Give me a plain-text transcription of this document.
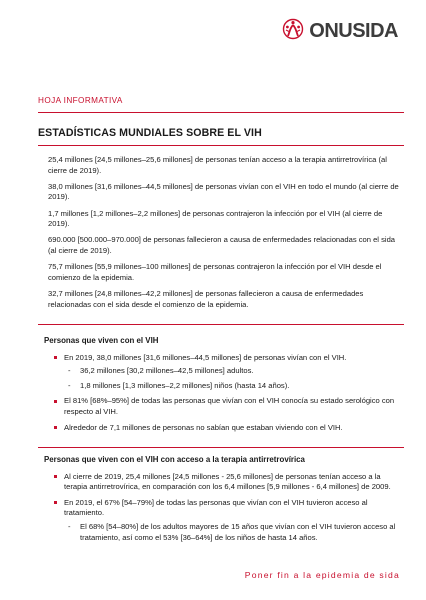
ONUSIDA
HOJA INFORMATIVA
ESTADÍSTICAS MUNDIALES SOBRE EL VIH

25,4 millones [24,5 millones–25,6 millones] de personas tenían acceso a la terapia antirretrovírica (al cierre de 2019).

38,0 millones [31,6 millones–44,5 millones] de personas vivían con el VIH en todo el mundo (al cierre de 2019).

1,7 millones [1,2 millones–2,2 millones] de personas contrajeron la infección por el VIH (al cierre de 2019).

690.000 [500.000–970.000] de personas fallecieron a causa de enfermedades relacionadas con el sida (al cierre de 2019).

75,7 millones [55,9 millones–100 millones] de personas contrajeron la infección por el VIH desde el comienzo de la epidemia.

32,7 millones [24,8 millones–42,2 millones] de personas fallecieron a causa de enfermedades relacionadas con el sida desde el comienzo de la epidemia.

Personas que viven con el VIH
En 2019, 38,0 millones [31,6 millones–44,5 millones] de personas vivían con el VIH.
- 36,2 millones [30,2 millones–42,5 millones] adultos.
- 1,8 millones [1,3 millones–2,2 millones] niños (hasta 14 años).
El 81% [68%–95%] de todas las personas que vivían con el VIH conocía su estado serológico con respecto al VIH.
Alrededor de 7,1 millones de personas no sabían que estaban viviendo con el VIH.
Personas que viven con el VIH con acceso a la terapia antirretrovírica
Al cierre de 2019, 25,4 millones [24,5 millones - 25,6 millones] de personas tenían acceso a la terapia antirretrovírica, en comparación con los 6,4 millones [5,9 millones - 6,4 millones] de 2009.
En 2019, el 67% [54–79%] de todas las personas que vivían con el VIH tuvieron acceso al tratamiento.
- El 68% [54–80%] de los adultos mayores de 15 años que vivían con el VIH tuvieron acceso al tratamiento, así como el 53% [36–64%] de los niños de hasta 14 años.
Poner fin a la epidemia de sida
